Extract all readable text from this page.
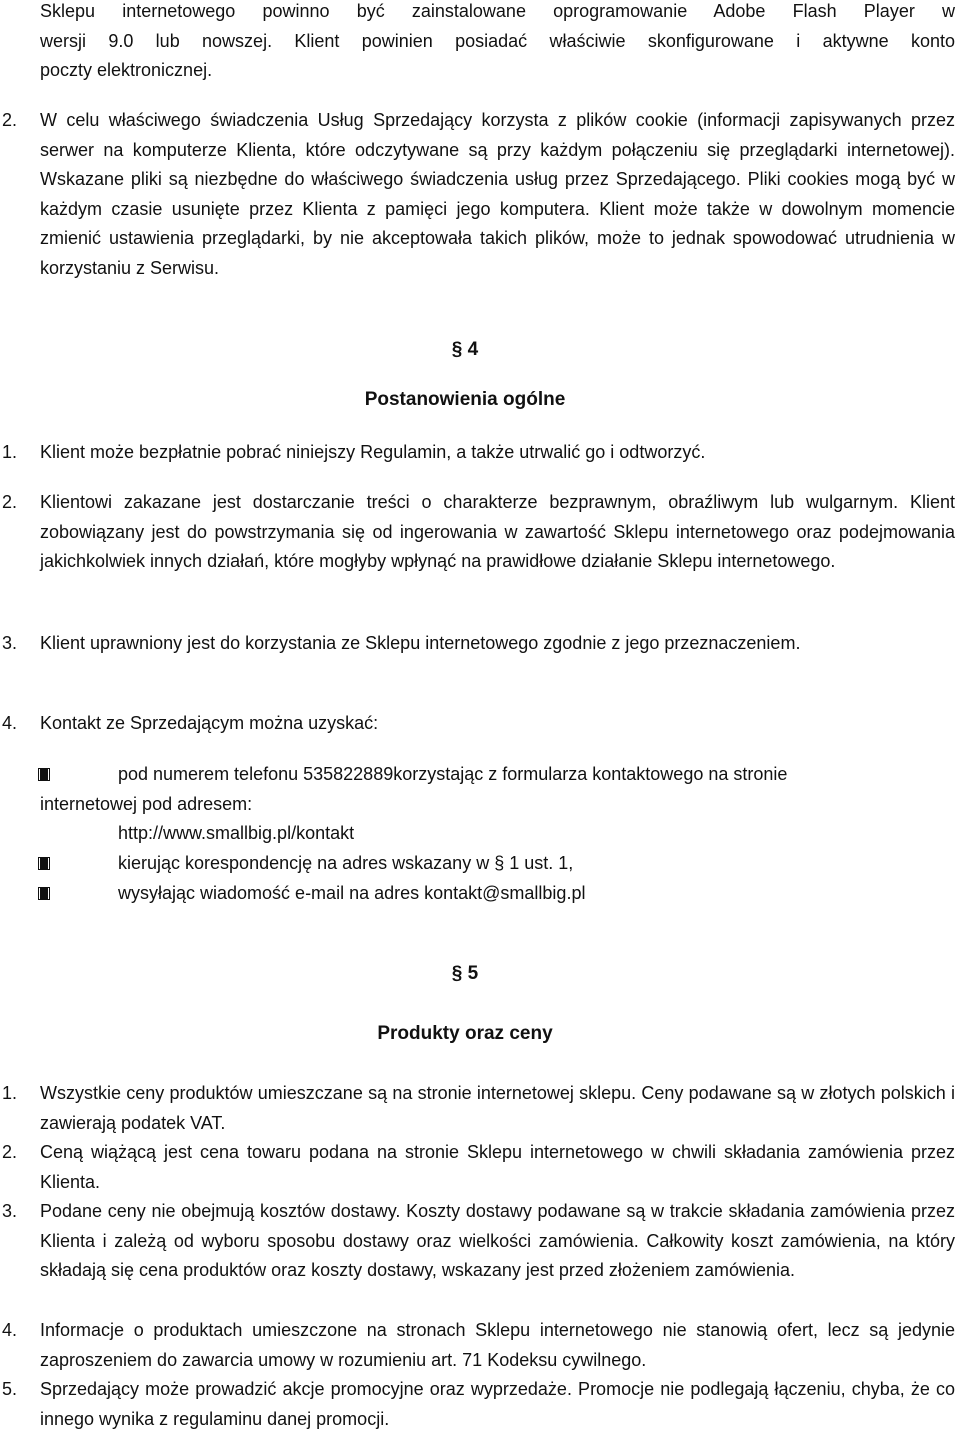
Sklepu internetowego powinno być zainstalowane oprogramowanie Adobe Flash Player w
wersji 9.0 lub nowszej. Klient powinien posiadać właściwie skonfigurowane i aktywne konto
poczty elektronicznej.
2. W celu właściwego świadczenia Usług Sprzedający korzysta z plików cookie (informacji zapisywanych przez serwer na komputerze Klienta, które odczytywane są przy każdym połączeniu się przeglądarki internetowej). Wskazane pliki są niezbędne do właściwego świadczenia usług przez Sprzedającego. Pliki cookies mogą być w każdym czasie usunięte przez Klienta z pamięci jego komputera. Klient może także w dowolnym momencie zmienić ustawienia przeglądarki, by nie akceptowała takich plików, może to jednak spowodować utrudnienia w korzystaniu z Serwisu.
§ 4
Postanowienia ogólne
1. Klient może bezpłatnie pobrać niniejszy Regulamin, a także utrwalić go i odtworzyć.
2. Klientowi zakazane jest dostarczanie treści o charakterze bezprawnym, obraźliwym lub wulgarnym. Klient zobowiązany jest do powstrzymania się od ingerowania w zawartość Sklepu internetowego oraz podejmowania jakichkolwiek innych działań, które mogłyby wpłynąć na prawidłowe działanie Sklepu internetowego.
3. Klient uprawniony jest do korzystania ze Sklepu internetowego zgodnie z jego przeznaczeniem.
4. Kontakt ze Sprzedającym można uzyskać:
pod numerem telefonu 535822889korzystając z formularza kontaktowego na stronie
internetowej pod adresem:
http://www.smallbig.pl/kontakt
kierując korespondencję na adres wskazany w § 1 ust. 1,
wysyłając wiadomość e-mail na adres kontakt@smallbig.pl
§ 5
Produkty oraz ceny
1. Wszystkie ceny produktów umieszczane są na stronie internetowej sklepu. Ceny podawane są w złotych polskich i zawierają podatek VAT.
2. Ceną wiążącą jest cena towaru podana na stronie Sklepu internetowego w chwili składania zamówienia przez Klienta.
3. Podane ceny nie obejmują kosztów dostawy. Koszty dostawy podawane są w trakcie składania zamówienia przez Klienta i zależą od wyboru sposobu dostawy oraz wielkości zamówienia. Całkowity koszt zamówienia, na który składają się cena produktów oraz koszty dostawy, wskazany jest przed złożeniem zamówienia.
4. Informacje o produktach umieszczone na stronach Sklepu internetowego nie stanowią ofert, lecz są jedynie zaproszeniem do zawarcia umowy w rozumieniu art. 71 Kodeksu cywilnego.
5. Sprzedający może prowadzić akcje promocyjne oraz wyprzedaże. Promocje nie podlegają łączeniu, chyba, że co innego wynika z regulaminu danej promocji.
